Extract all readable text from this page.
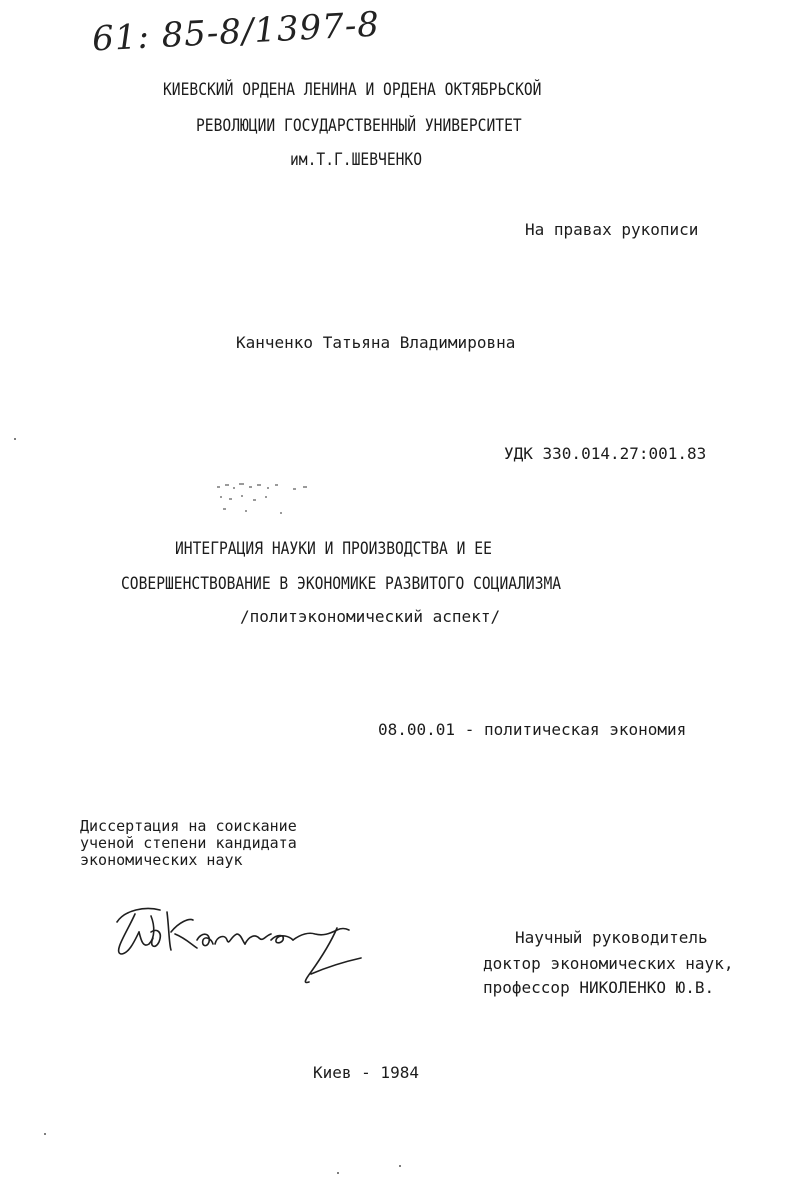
61: 85-8/1397-8
КИЕВСКИЙ ОРДЕНА ЛЕНИНА И ОРДЕНА ОКТЯБРЬСКОЙ
РЕВОЛЮЦИИ ГОСУДАРСТВЕННЫЙ УНИВЕРСИТЕТ
им.Т.Г.ШЕВЧЕНКО
На правах рукописи
Канченко Татьяна Владимировна
УДК 330.014.27:001.83
ИНТЕГРАЦИЯ НАУКИ И ПРОИЗВОДСТВА И ЕЕ
СОВЕРШЕНСТВОВАНИЕ В ЭКОНОМИКЕ РАЗВИТОГО СОЦИАЛИЗМА
/политэкономический аспект/
08.00.01 - политическая экономия
Диссертация на соискание
ученой степени кандидата
экономических наук
Научный руководитель
доктор экономических наук,
профессор НИКОЛЕНКО Ю.В.
Киев - 1984
